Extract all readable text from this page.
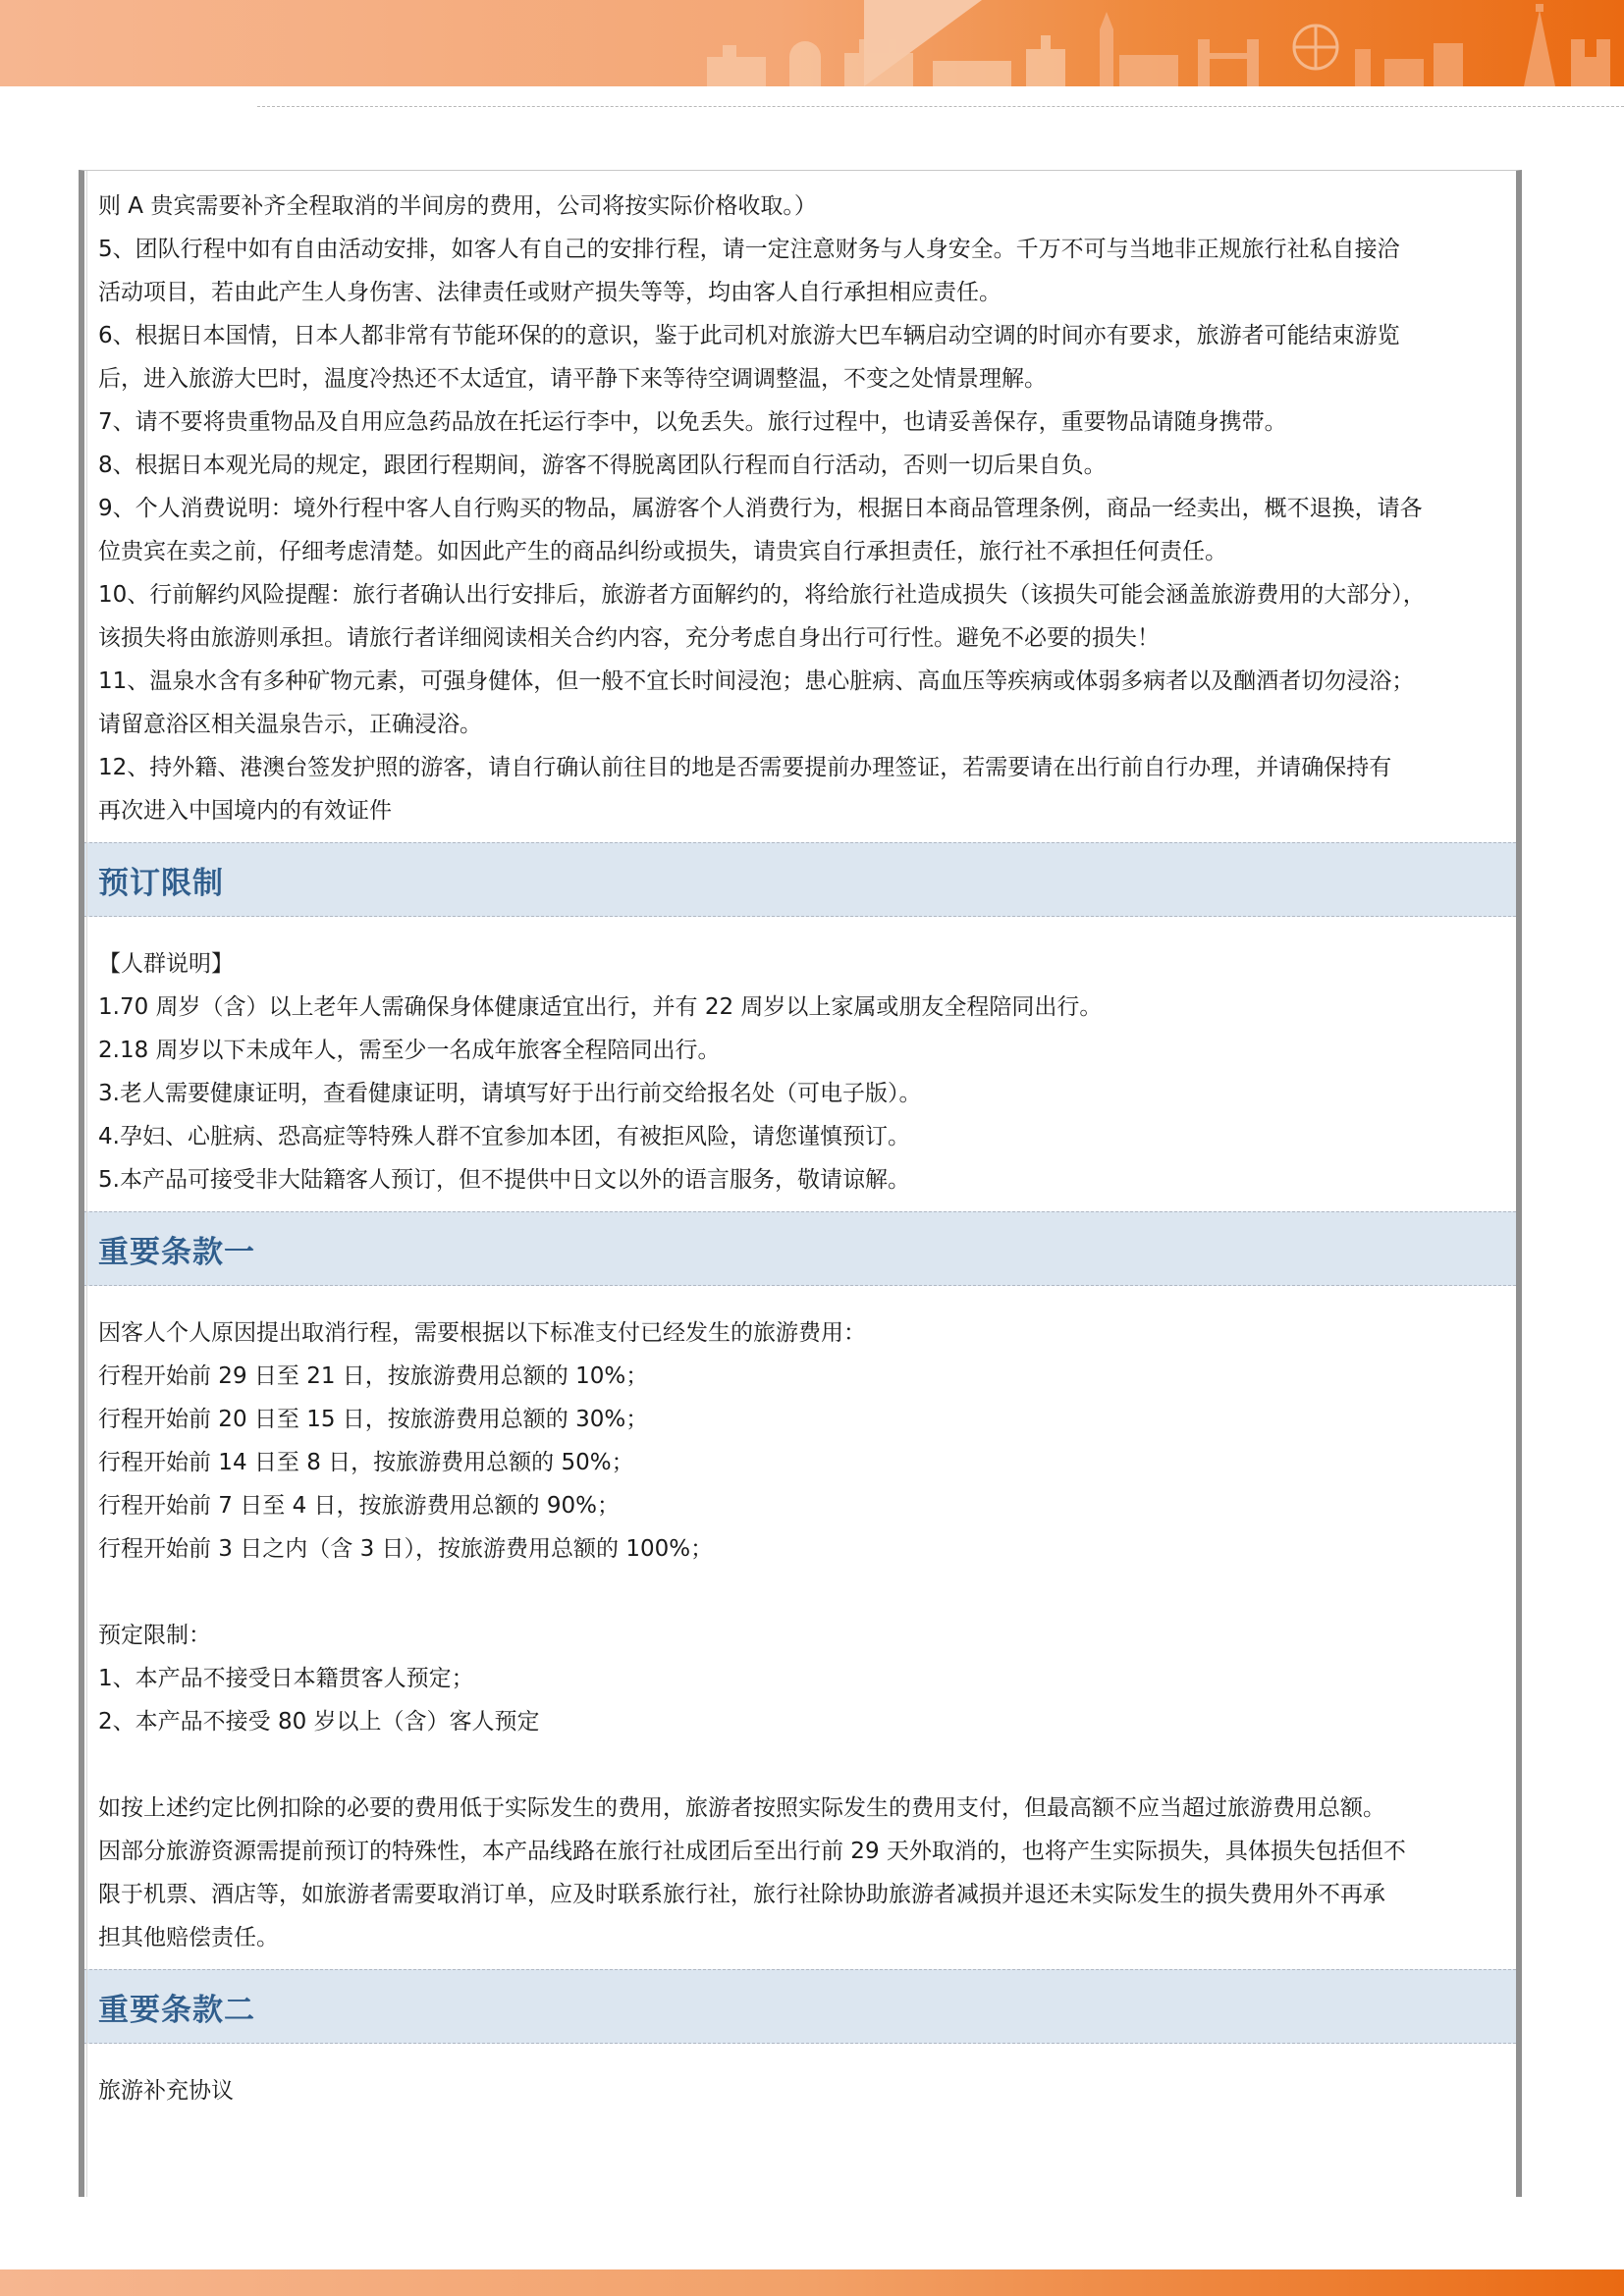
则 A 贵宾需要补齐全程取消的半间房的费用，公司将按实际价格收取。）

5、团队行程中如有自由活动安排，如客人有自己的安排行程，请一定注意财务与人身安全。千万不可与当地非正规旅行社私自接洽

活动项目，若由此产生人身伤害、法律责任或财产损失等等，均由客人自行承担相应责任。

6、根据日本国情，日本人都非常有节能环保的的意识，鉴于此司机对旅游大巴车辆启动空调的时间亦有要求，旅游者可能结束游览

后，进入旅游大巴时，温度冷热还不太适宜，请平静下来等待空调调整温，不变之处情景理解。

7、请不要将贵重物品及自用应急药品放在托运行李中，以免丢失。旅行过程中，也请妥善保存，重要物品请随身携带。

8、根据日本观光局的规定，跟团行程期间，游客不得脱离团队行程而自行活动，否则一切后果自负。

9、个人消费说明：境外行程中客人自行购买的物品，属游客个人消费行为，根据日本商品管理条例，商品一经卖出，概不退换，请各

位贵宾在卖之前，仔细考虑清楚。如因此产生的商品纠纷或损失，请贵宾自行承担责任，旅行社不承担任何责任。

10、行前解约风险提醒：旅行者确认出行安排后，旅游者方面解约的，将给旅行社造成损失（该损失可能会涵盖旅游费用的大部分），

该损失将由旅游则承担。请旅行者详细阅读相关合约内容，充分考虑自身出行可行性。避免不必要的损失！

11、温泉水含有多种矿物元素，可强身健体，但一般不宜长时间浸泡；患心脏病、高血压等疾病或体弱多病者以及酗酒者切勿浸浴；

请留意浴区相关温泉告示，正确浸浴。

12、持外籍、港澳台签发护照的游客，请自行确认前往目的地是否需要提前办理签证，若需要请在出行前自行办理，并请确保持有

再次进入中国境内的有效证件

预订限制

【人群说明】

1.70 周岁（含）以上老年人需确保身体健康适宜出行，并有 22 周岁以上家属或朋友全程陪同出行。

2.18 周岁以下未成年人，需至少一名成年旅客全程陪同出行。

3.老人需要健康证明，查看健康证明，请填写好于出行前交给报名处（可电子版）。

4.孕妇、心脏病、恐高症等特殊人群不宜参加本团，有被拒风险，请您谨慎预订。

5.本产品可接受非大陆籍客人预订，但不提供中日文以外的语言服务，敬请谅解。

重要条款一

因客人个人原因提出取消行程，需要根据以下标准支付已经发生的旅游费用：

行程开始前 29 日至 21 日，按旅游费用总额的 10%；

行程开始前 20 日至 15 日，按旅游费用总额的 30%；

行程开始前 14 日至 8 日，按旅游费用总额的 50%；

行程开始前 7 日至 4 日，按旅游费用总额的 90%；

行程开始前 3 日之内（含 3 日），按旅游费用总额的 100%；

预定限制：

1、本产品不接受日本籍贯客人预定；

2、本产品不接受 80 岁以上（含）客人预定

如按上述约定比例扣除的必要的费用低于实际发生的费用，旅游者按照实际发生的费用支付，但最高额不应当超过旅游费用总额。

因部分旅游资源需提前预订的特殊性，本产品线路在旅行社成团后至出行前 29 天外取消的，也将产生实际损失，具体损失包括但不

限于机票、酒店等，如旅游者需要取消订单，应及时联系旅行社，旅行社除协助旅游者减损并退还未实际发生的损失费用外不再承

担其他赔偿责任。

重要条款二

旅游补充协议
